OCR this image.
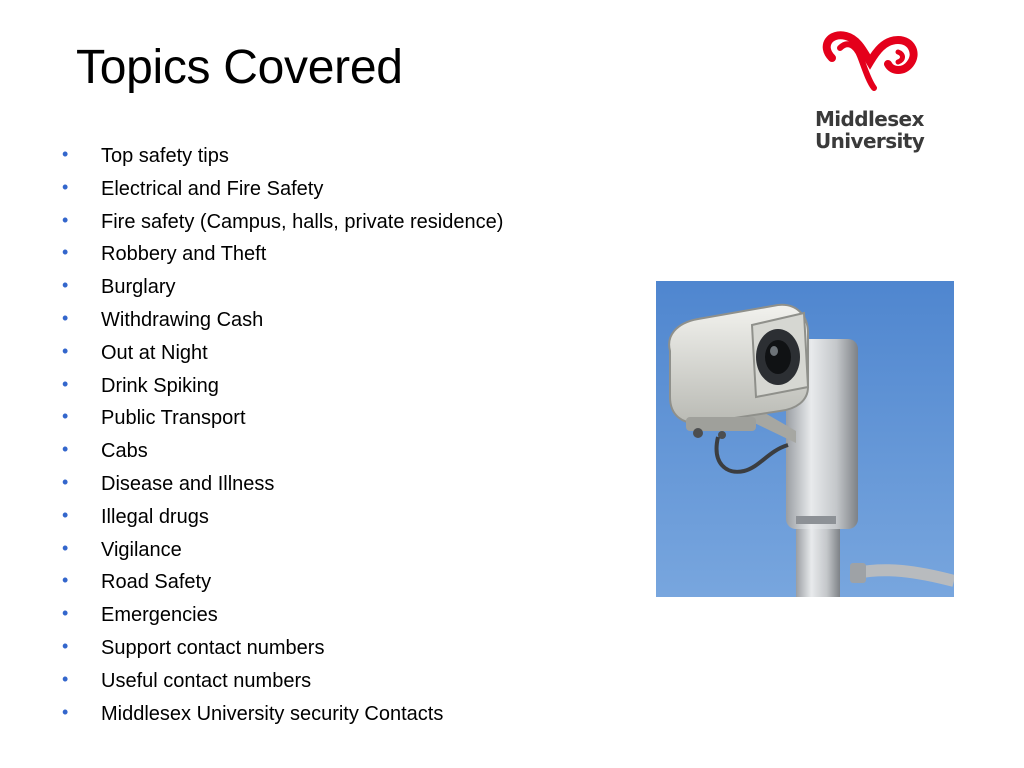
Topics Covered
Middlesex
University
• Top safety tips
• Electrical and Fire Safety
• Fire safety (Campus, halls, private residence)
• Robbery and Theft
• Burglary
• Withdrawing Cash
• Out at Night
• Drink Spiking
• Public Transport
• Cabs
• Disease and Illness
• Illegal drugs
• Vigilance
• Road Safety
• Emergencies
• Support contact numbers
• Useful contact numbers
• Middlesex University security Contacts
